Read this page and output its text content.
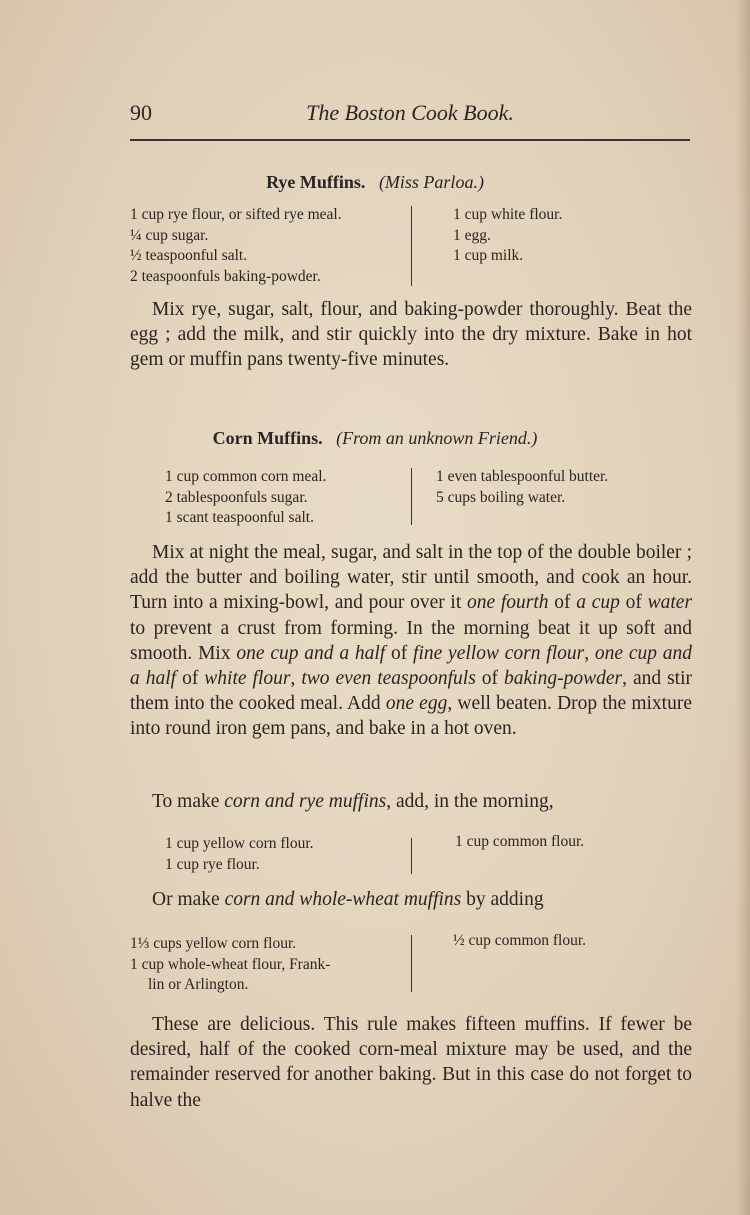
90	The Boston Cook Book.
Rye Muffins. (Miss Parloa.)
1 cup rye flour, or sifted rye meal.
¼ cup sugar.
½ teaspoonful salt.
2 teaspoonfuls baking-powder.
1 cup white flour.
1 egg.
1 cup milk.
Mix rye, sugar, salt, flour, and baking-powder thoroughly. Beat the egg ; add the milk, and stir quickly into the dry mixture. Bake in hot gem or muffin pans twenty-five minutes.
Corn Muffins. (From an unknown Friend.)
1 cup common corn meal.
2 tablespoonfuls sugar.
1 scant teaspoonful salt.
1 even tablespoonful butter.
5 cups boiling water.
Mix at night the meal, sugar, and salt in the top of the double boiler ; add the butter and boiling water, stir until smooth, and cook an hour. Turn into a mixing-bowl, and pour over it one fourth of a cup of water to prevent a crust from forming. In the morning beat it up soft and smooth. Mix one cup and a half of fine yellow corn flour, one cup and a half of white flour, two even teaspoonfuls of baking-powder, and stir them into the cooked meal. Add one egg, well beaten. Drop the mixture into round iron gem pans, and bake in a hot oven.
To make corn and rye muffins, add, in the morning,
1 cup yellow corn flour.
1 cup rye flour.
1 cup common flour.
Or make corn and whole-wheat muffins by adding
1⅓ cups yellow corn flour.
1 cup whole-wheat flour, Frank-
lin or Arlington.
½ cup common flour.
These are delicious. This rule makes fifteen muffins. If fewer be desired, half of the cooked corn-meal mixture may be used, and the remainder reserved for another baking. But in this case do not forget to halve the
